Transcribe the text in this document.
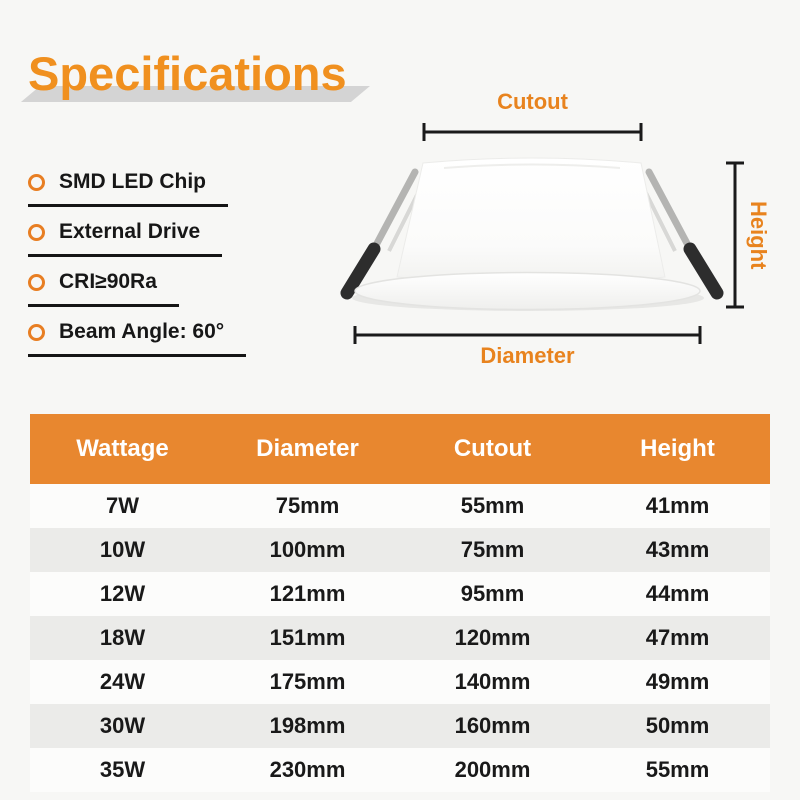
Specifications
SMD LED Chip
External Drive
CRI≥90Ra
Beam Angle: 60°
Cutout
Height
Diameter
Wattage	Diameter	Cutout	Height
7W	75mm	55mm	41mm
10W	100mm	75mm	43mm
12W	121mm	95mm	44mm
18W	151mm	120mm	47mm
24W	175mm	140mm	49mm
30W	198mm	160mm	50mm
35W	230mm	200mm	55mm
